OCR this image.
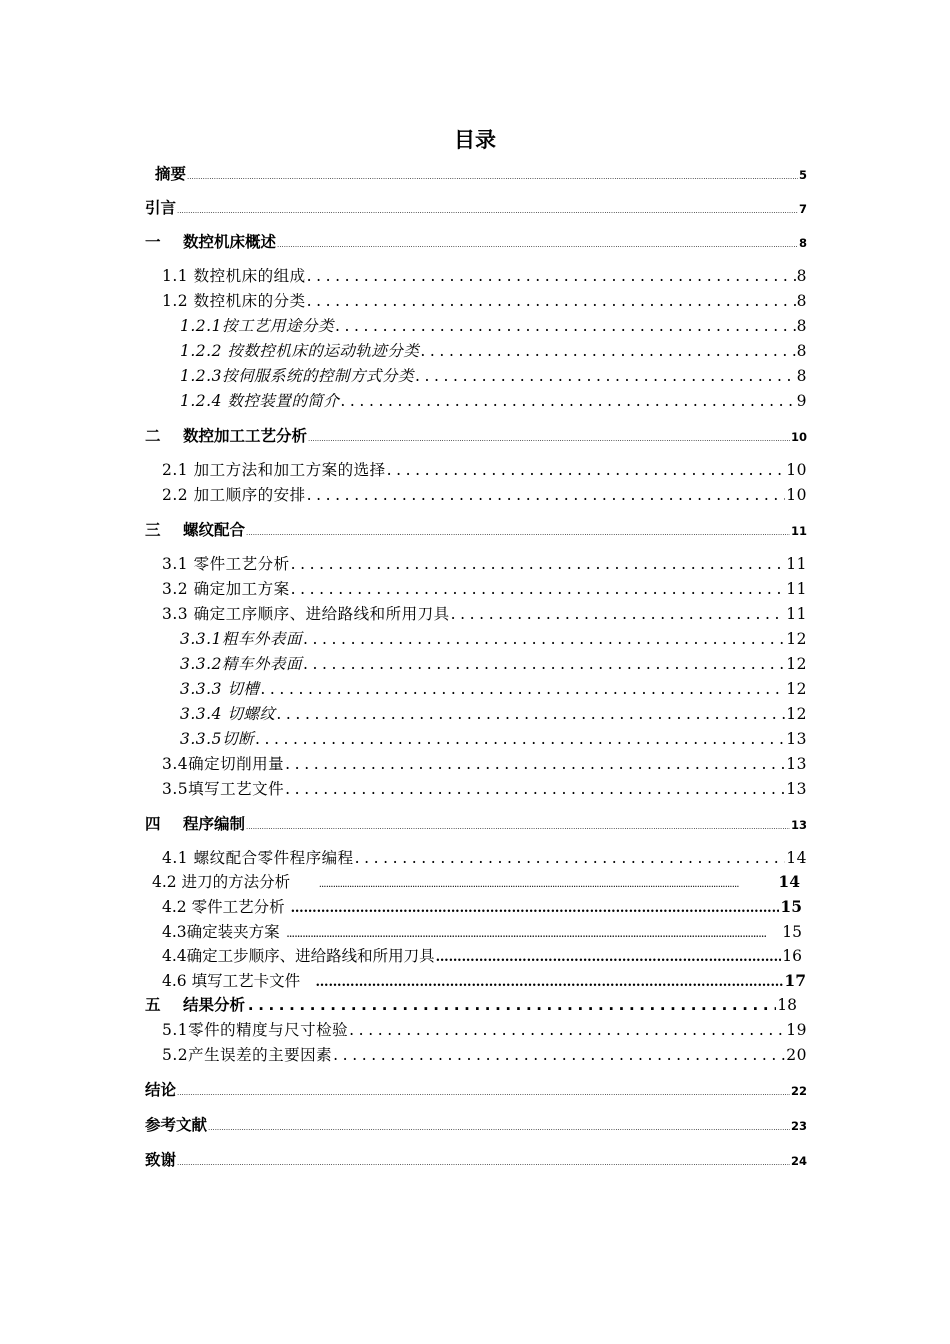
目录
摘要 .....	5
引言 .....	7
一 数控机床概述 .....	8
1.1 数控机床的组成 .....	8
1.2 数控机床的分类 .....	8
1.2.1按工艺用途分类 .....	8
1.2.2 按数控机床的运动轨迹分类 .....	8
1.2.3按伺服系统的控制方式分类 .....	8
1.2.4 数控装置的简介 .....	9
二 数控加工工艺分析 .....	10
2.1 加工方法和加工方案的选择 .....	10
2.2 加工顺序的安排 .....	10
三 螺纹配合 .....	11
3.1 零件工艺分析 .....	11
3.2 确定加工方案 .....	11
3.3 确定工序顺序、进给路线和所用刀具 .....	11
3.3.1粗车外表面 .....	12
3.3.2精车外表面 .....	12
3.3.3 切槽 .....	12
3.3.4 切螺纹 .....	12
3.3.5切断 .....	13
3.4确定切削用量 .....	13
3.5填写工艺文件 .....	13
四 程序编制 .....	13
4.1 螺纹配合零件程序编程 .....	14
4.2 进刀的方法分析 ………………………………………………………………………………………………………………………………………………………………	14
4.2 零件工艺分析 ………………………………………………………………………………………………………………………………………………………………	15
4.3确定装夹方案 ………………………………………………………………………………………………………………………………………………………………	15
4.4确定工步顺序、进给路线和所用刀具 ………………………………………………………………………………………………………………………………………………………………	16
4.6 填写工艺卡文件 ………………………………………………………………………………………………………………………………………………………………	17
五 结果分析 .....	18
5.1零件的精度与尺寸检验 .....	19
5.2产生误差的主要因素 .....	20
结论 .....	22
参考文献 .....	23
致谢 .....	24
